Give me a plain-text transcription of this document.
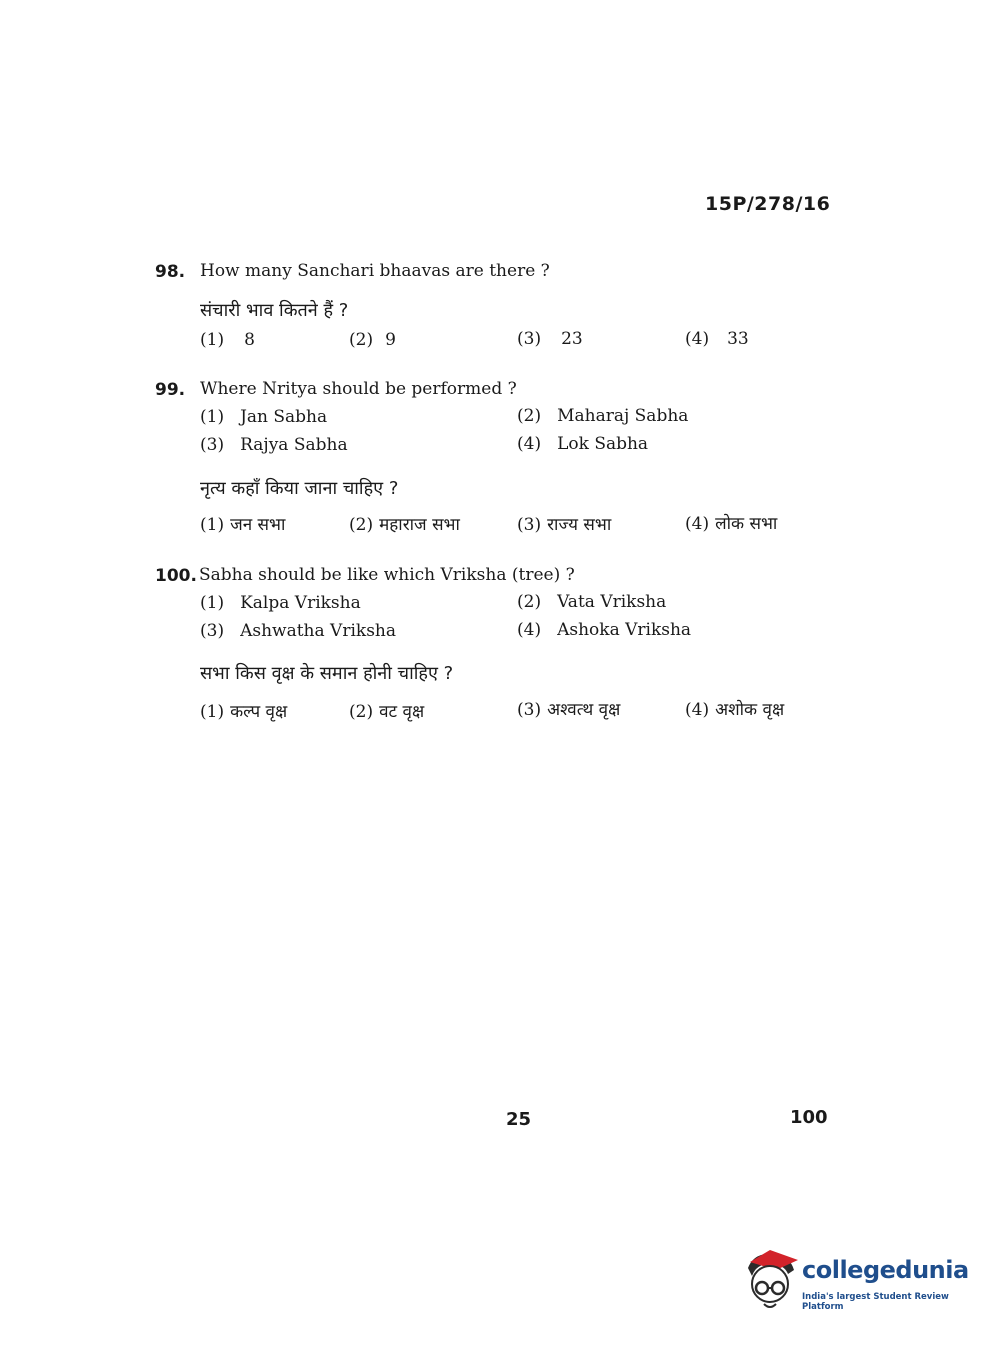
15P/278/16
98. How many Sanchari bhaavas are there ?
संचारी भाव कितने हैं ?
(1) 8	(2) 9	(3) 23	(4) 33
99. Where Nritya should be performed ?
(1) Jan Sabha	(2) Maharaj Sabha
(3) Rajya Sabha	(4) Lok Sabha
नृत्य कहाँ किया जाना चाहिए ?
(1) जन सभा	(2) महाराज सभा	(3) राज्य सभा	(4) लोक सभा
100. Sabha should be like which Vriksha (tree) ?
(1) Kalpa Vriksha	(2) Vata Vriksha
(3) Ashwatha Vriksha	(4) Ashoka Vriksha
सभा किस वृक्ष के समान होनी चाहिए ?
(1) कल्प वृक्ष	(2) वट वृक्ष	(3) अश्वत्थ वृक्ष	(4) अशोक वृक्ष
25	100
collegedunia
India's largest Student Review Platform
